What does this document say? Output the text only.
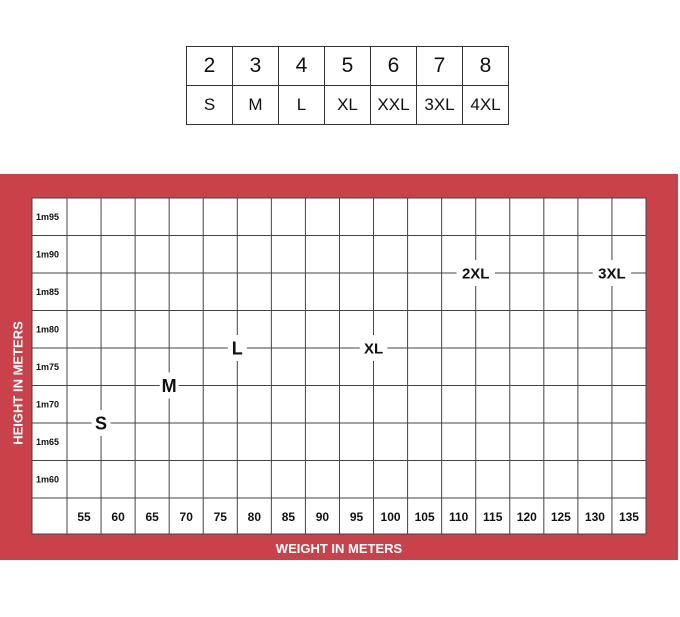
2	3	4	5	6	7	8
S	M	L	XL	XXL	3XL	4XL
1m95
1m90
1m85
1m80
1m75
1m70
1m65
1m60
55 60 65 70 75 80 85 90 95 100 105 110 115 120 125 130 135
S
M
L	XL
2XL	3XL
HEIGHT IN METERS
WEIGHT IN METERS
